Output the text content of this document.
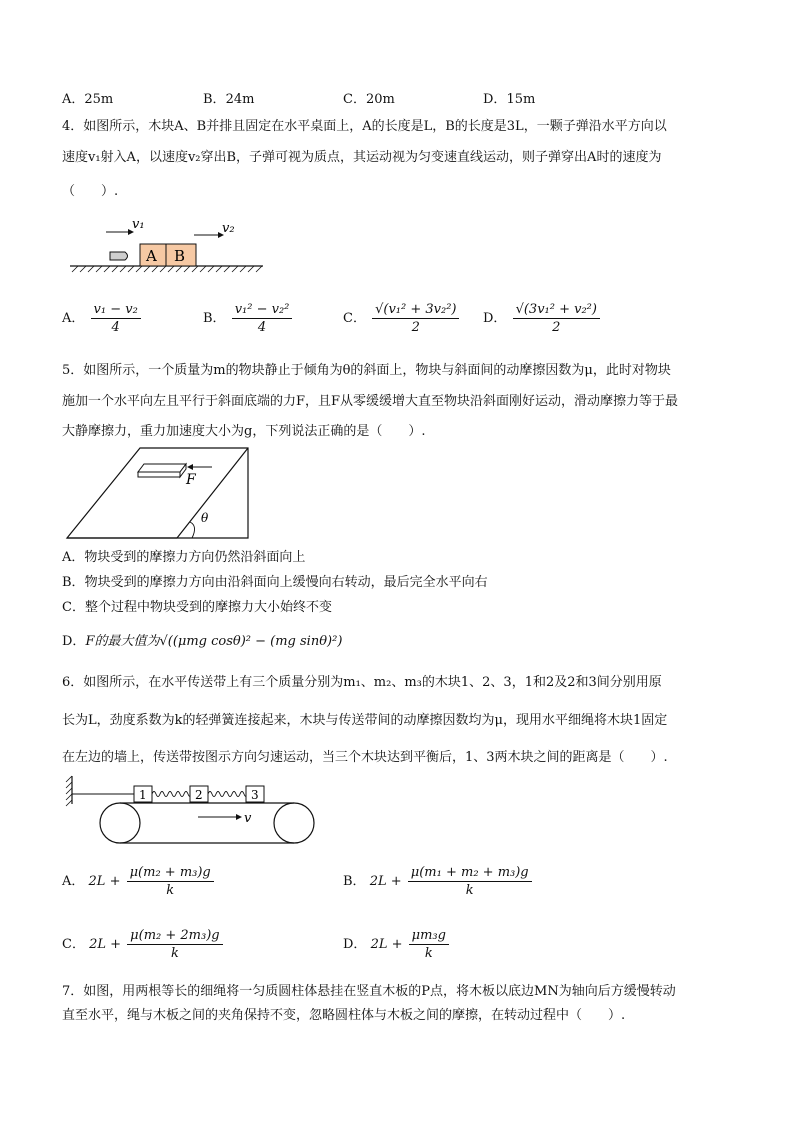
A．25m	B．24m	C．20m	D．15m
4．如图所示，木块A、B并排且固定在水平桌面上，A的长度是L，B的长度是3L，一颗子弹沿水平方向以
速度v₁射入A，以速度v₂穿出B，子弹可视为质点，其运动视为匀变速直线运动，则子弹穿出A时的速度为
（　　）.
A B
v₁	v₂
A． $\frac{\text{v₁ − v₂}}{4}$	B． $\frac{\text{v₁² − v₂²}}{4}$	C． $\frac{\text{√(v₁² + 3v₂²)}}{2}$ D． $\frac{\text{√(3v₁² + v₂²)}}{2}$
5．如图所示，一个质量为m的物块静止于倾角为θ的斜面上，物块与斜面间的动摩擦因数为μ，此时对物块
施加一个水平向左且平行于斜面底端的力F，且F从零缓缓增大直至物块沿斜面刚好运动，滑动摩擦力等于最
大静摩擦力，重力加速度大小为g，下列说法正确的是（　　）.
F
θ
A．物块受到的摩擦力方向仍然沿斜面向上
B．物块受到的摩擦力方向由沿斜面向上缓慢向右转动，最后完全水平向右
C．整个过程中物块受到的摩擦力大小始终不变
D．F的最大值为√((μmg cosθ)² − (mg sinθ)²)
6．如图所示，在水平传送带上有三个质量分别为m₁、m₂、m₃的木块1、2、3，1和2及2和3间分别用原
长为L，劲度系数为k的轻弹簧连接起来，木块与传送带间的动摩擦因数均为μ，现用水平细绳将木块1固定
在左边的墙上，传送带按图示方向匀速运动，当三个木块达到平衡后，1、3两木块之间的距离是（　　）.
1	2	3
v
A． $2L + \frac{\text{μ(m₂ + m₃)g}}{k}$	B． $2L + \frac{\text{μ(m₁ + m₂ + m₃)g}}{k}$
C． $2L + \frac{\text{μ(m₂ + 2m₃)g}}{k}$	D． $2L + \frac{\text{μm₃g}}{k}$
7．如图，用两根等长的细绳将一匀质圆柱体悬挂在竖直木板的P点，将木板以底边MN为轴向后方缓慢转动
直至水平，绳与木板之间的夹角保持不变，忽略圆柱体与木板之间的摩擦，在转动过程中（　　）.
